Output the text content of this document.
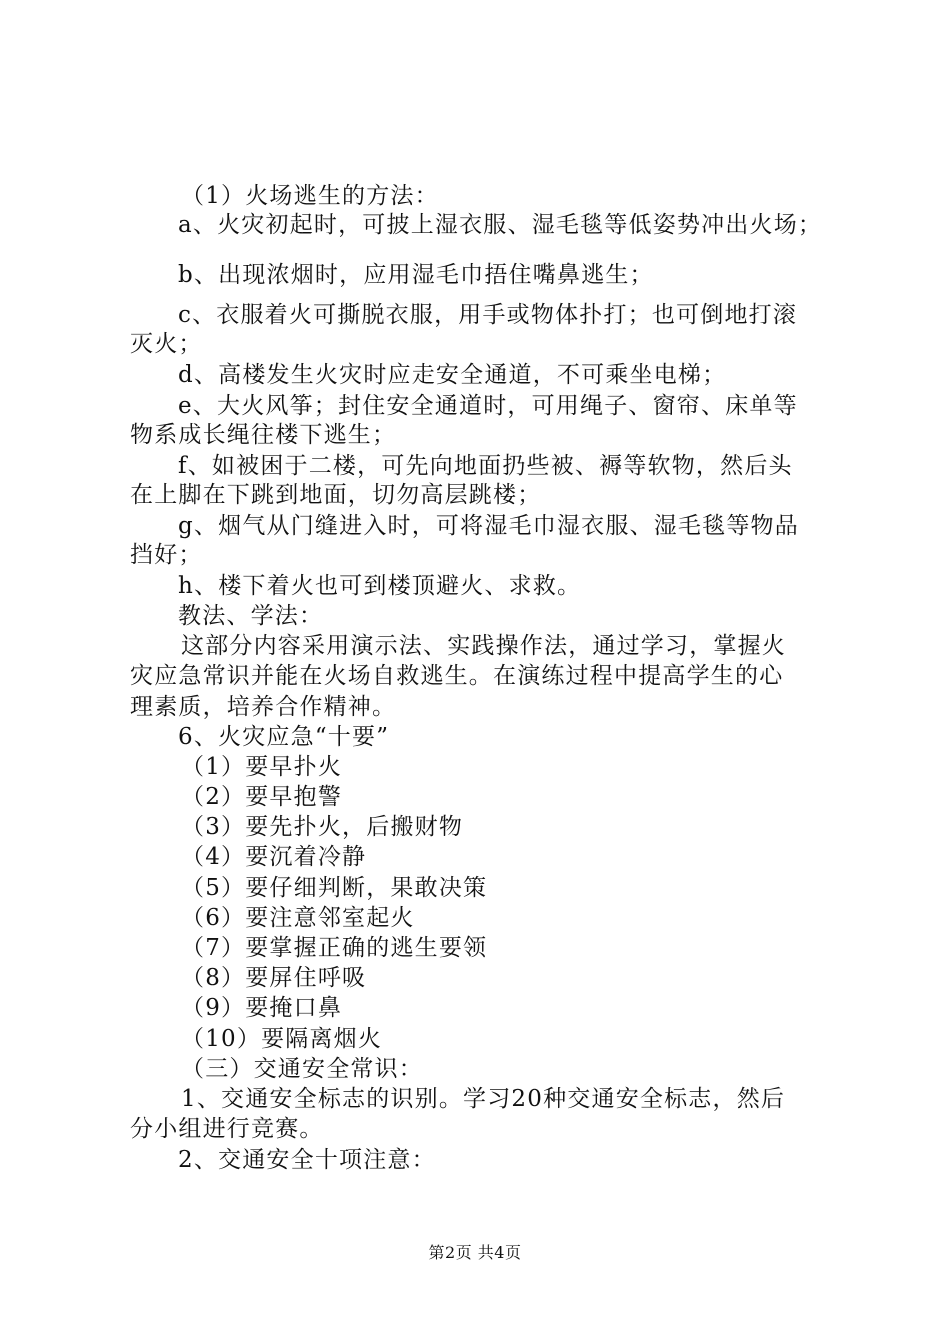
（1）火场逃生的方法：
a、火灾初起时，可披上湿衣服、湿毛毯等低姿势冲出火场；
b、出现浓烟时，应用湿毛巾捂住嘴鼻逃生；
c、衣服着火可撕脱衣服，用手或物体扑打；也可倒地打滚
灭火；
d、高楼发生火灾时应走安全通道，不可乘坐电梯；
e、大火风筝；封住安全通道时，可用绳子、窗帘、床单等
物系成长绳往楼下逃生；
f、如被困于二楼，可先向地面扔些被、褥等软物，然后头
在上脚在下跳到地面，切勿高层跳楼；
g、烟气从门缝进入时，可将湿毛巾湿衣服、湿毛毯等物品
挡好；
h、楼下着火也可到楼顶避火、求救。
教法、学法：
这部分内容采用演示法、实践操作法，通过学习，掌握火
灾应急常识并能在火场自救逃生。在演练过程中提高学生的心
理素质，培养合作精神。
6、火灾应急“十要”
（1）要早扑火
（2）要早抱警
（3）要先扑火，后搬财物
（4）要沉着冷静
（5）要仔细判断，果敢决策
（6）要注意邻室起火
（7）要掌握正确的逃生要领
（8）要屏住呼吸
（9）要掩口鼻
（10）要隔离烟火
（三）交通安全常识：
1、交通安全标志的识别。学习20种交通安全标志，然后
分小组进行竞赛。
2、交通安全十项注意：
第2页 共4页
